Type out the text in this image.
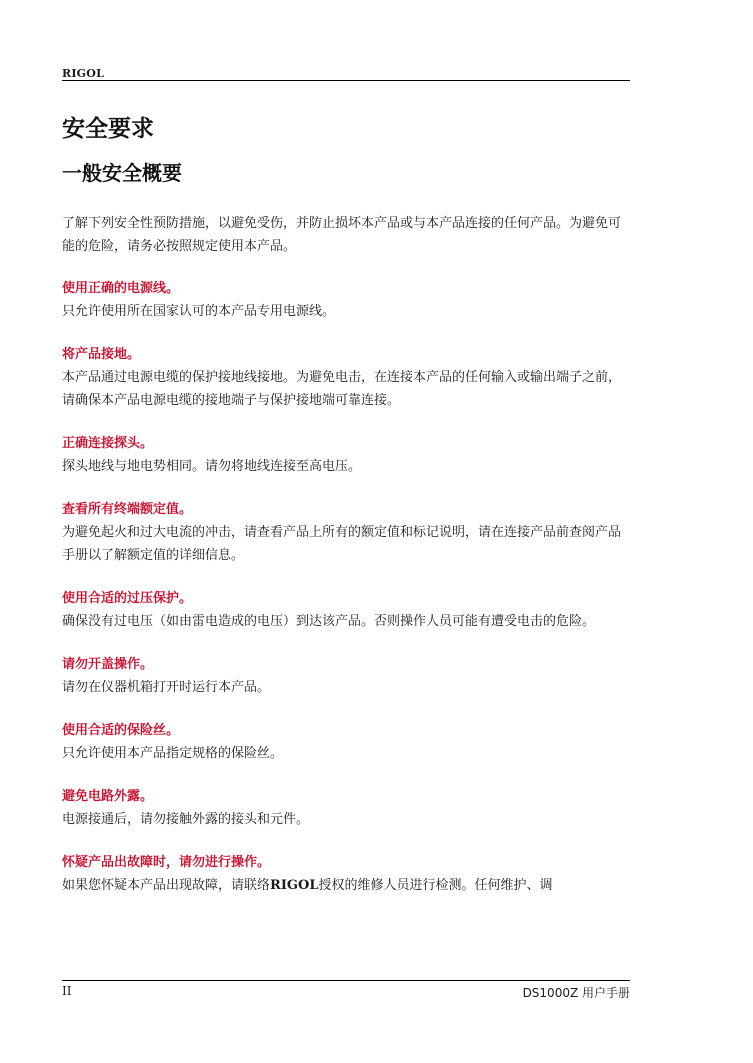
RIGOL
安全要求
一般安全概要

了解下列安全性预防措施，以避免受伤，并防止损坏本产品或与本产品连接的任何产品。为避免可能的危险，请务必按照规定使用本产品。

使用正确的电源线。

只允许使用所在国家认可的本产品专用电源线。

将产品接地。

本产品通过电源电缆的保护接地线接地。为避免电击，在连接本产品的任何输入或输出端子之前，请确保本产品电源电缆的接地端子与保护接地端可靠连接。

正确连接探头。

探头地线与地电势相同。请勿将地线连接至高电压。

查看所有终端额定值。

为避免起火和过大电流的冲击，请查看产品上所有的额定值和标记说明，请在连接产品前查阅产品手册以了解额定值的详细信息。

使用合适的过压保护。

确保没有过电压（如由雷电造成的电压）到达该产品。否则操作人员可能有遭受电击的危险。

请勿开盖操作。

请勿在仪器机箱打开时运行本产品。

使用合适的保险丝。

只允许使用本产品指定规格的保险丝。

避免电路外露。

电源接通后，请勿接触外露的接头和元件。

怀疑产品出故障时，请勿进行操作。

如果您怀疑本产品出现故障，请联络RIGOL授权的维修人员进行检测。任何维护、调

II	DS1000Z 用户手册
